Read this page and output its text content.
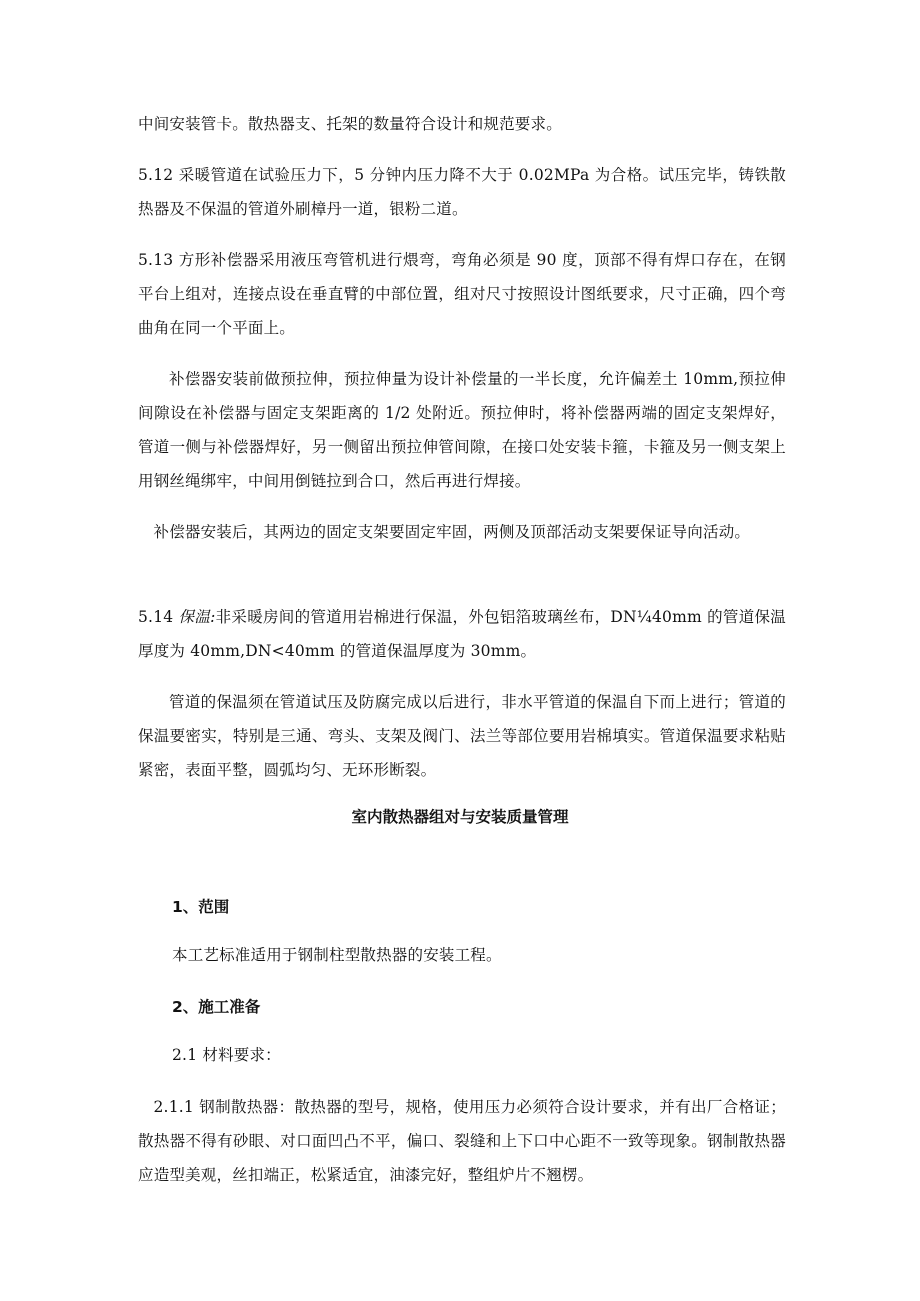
中间安装管卡。散热器支、托架的数量符合设计和规范要求。

5.12 采暖管道在试验压力下，5 分钟内压力降不大于 0.02MPa 为合格。试压完毕，铸铁散热器及不保温的管道外刷樟丹一道，银粉二道。

5.13 方形补偿器采用液压弯管机进行煨弯，弯角必须是 90 度，顶部不得有焊口存在，在钢平台上组对，连接点设在垂直臂的中部位置，组对尺寸按照设计图纸要求，尺寸正确，四个弯曲角在同一个平面上。

补偿器安装前做预拉伸，预拉伸量为设计补偿量的一半长度，允许偏差土 10mm,预拉伸间隙设在补偿器与固定支架距离的 1/2 处附近。预拉伸时，将补偿器两端的固定支架焊好，管道一侧与补偿器焊好，另一侧留出预拉伸管间隙，在接口处安装卡箍，卡箍及另一侧支架上用钢丝绳绑牢，中间用倒链拉到合口，然后再进行焊接。

补偿器安装后，其两边的固定支架要固定牢固，两侧及顶部活动支架要保证导向活动。

5.14 保温:非采暖房间的管道用岩棉进行保温，外包铝箔玻璃丝布，DN¼40mm 的管道保温厚度为 40mm,DN<40mm 的管道保温厚度为 30mm。

管道的保温须在管道试压及防腐完成以后进行，非水平管道的保温自下而上进行；管道的保温要密实，特别是三通、弯头、支架及阀门、法兰等部位要用岩棉填实。管道保温要求粘贴紧密，表面平整，圆弧均匀、无环形断裂。

室内散热器组对与安装质量管理
1、范围

本工艺标准适用于钢制柱型散热器的安装工程。

2、施工准备

2.1 材料要求：

2.1.1 钢制散热器：散热器的型号，规格，使用压力必须符合设计要求，并有出厂合格证；散热器不得有砂眼、对口面凹凸不平，偏口、裂缝和上下口中心距不一致等现象。钢制散热器应造型美观，丝扣端正，松紧适宜，油漆完好，整组炉片不翘楞。
